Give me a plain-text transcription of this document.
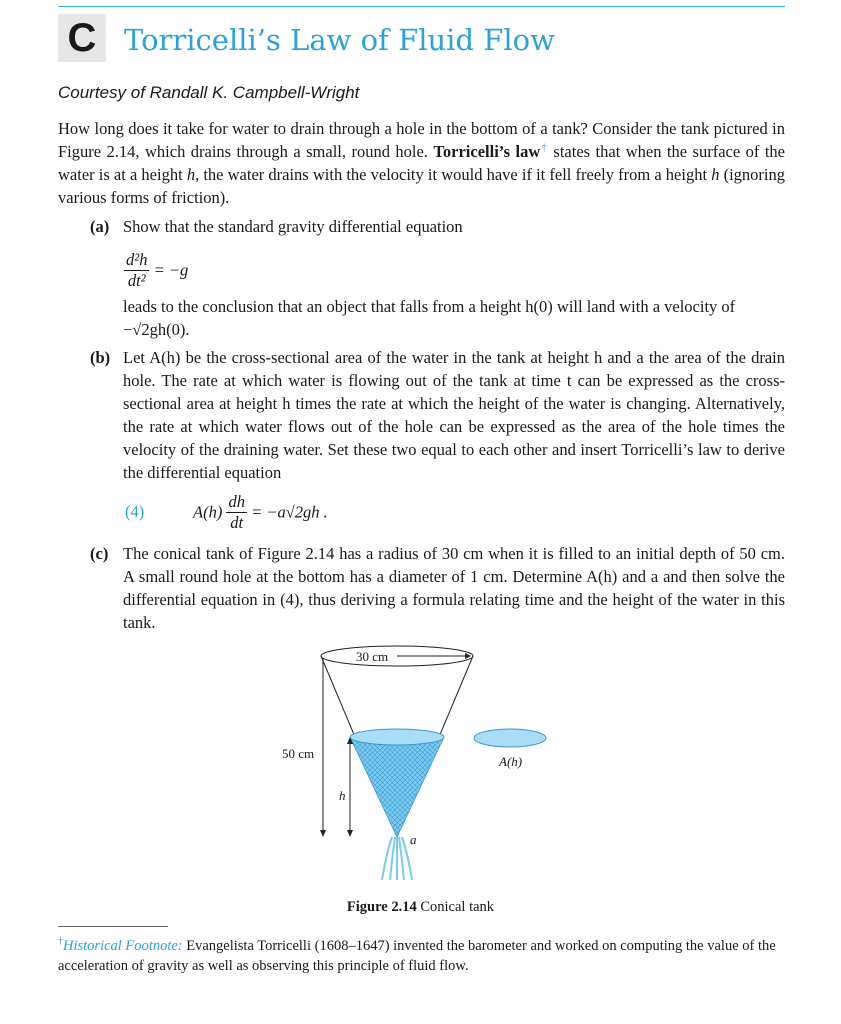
C Torricelli’s Law of Fluid Flow
Courtesy of Randall K. Campbell-Wright

How long does it take for water to drain through a hole in the bottom of a tank? Consider the tank pictured in Figure 2.14, which drains through a small, round hole. Torricelli’s law† states that when the surface of the water is at a height h, the water drains with the velocity it would have if it fell freely from a height h (ignoring various forms of friction).

(a) Show that the standard gravity differential equation

$\frac{\text{d²h}}{\text{dt²}} = -g$

leads to the conclusion that an object that falls from a height h(0) will land with a velocity of −√2gh(0).

(b) Let A(h) be the cross-sectional area of the water in the tank at height h and a the area of the drain hole. The rate at which water is flowing out of the tank at time t can be expressed as the cross-sectional area at height h times the rate at which the height of the water is changing. Alternatively, the rate at which water flows out of the hole can be expressed as the area of the hole times the velocity of the draining water. Set these two equal to each other and insert Torricelli’s law to derive the differential equation

(4)	$A(h) \frac{dh}{dt} = -a√2gh$ .
(c) The conical tank of Figure 2.14 has a radius of 30 cm when it is filled to an initial depth of 50 cm. A small round hole at the bottom has a diameter of 1 cm. Determine A(h) and a and then solve the differential equation in (4), thus deriving a formula relating time and the height of the water in this tank.

30 cm
50 cm
h
a
A(h)
Figure 2.14 Conical tank

†Historical Footnote: Evangelista Torricelli (1608–1647) invented the barometer and worked on computing the value of the acceleration of gravity as well as observing this principle of fluid flow.
